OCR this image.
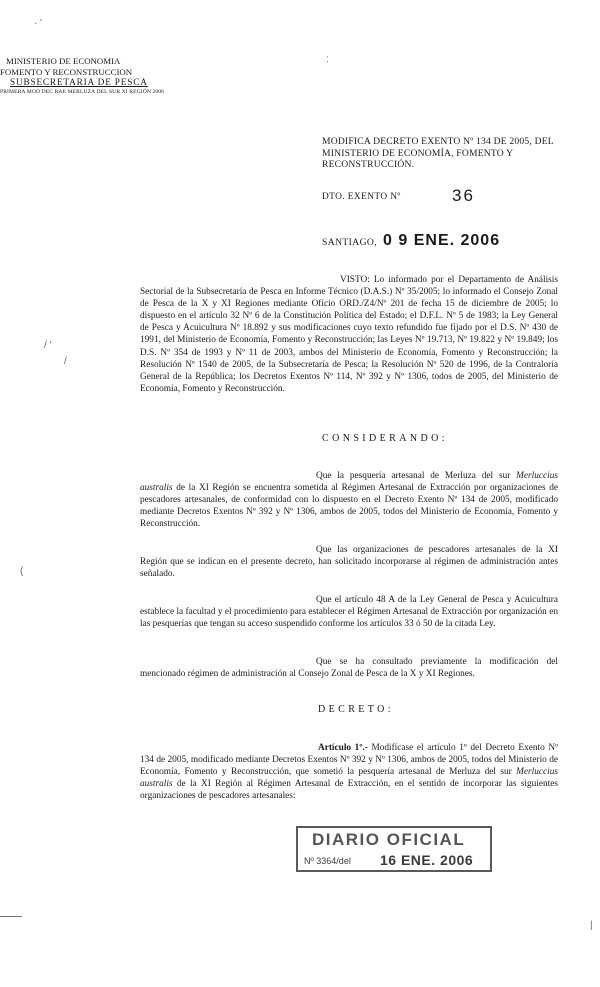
MINISTERIO DE ECONOMIA
FOMENTO Y RECONSTRUCCION
SUBSECRETARIA DE PESCA
PRIMERA MOD DEC RAE MERLUZA DEL SUR XI REGIÓN 2006
· '
:
/ '
/
(
|
MODIFICA DECRETO EXENTO Nº 134 DE 2005, DEL MINISTERIO DE ECONOMÍA, FOMENTO Y RECONSTRUCCIÓN.
DTO. EXENTO Nº	36
SANTIAGO, 0 9 ENE. 2006
VISTO: Lo informado por el Departamento de Análisis Sectorial de la Subsecretaría de Pesca en Informe Técnico (D.A.S.) Nº 35/2005; lo informado el Consejo Zonal de Pesca de la X y XI Regiones mediante Oficio ORD./Z4/Nº 201 de fecha 15 de diciembre de 2005; lo dispuesto en el artículo 32 Nº 6 de la Constitución Política del Estado; el D.F.L. Nº 5 de 1983; la Ley General de Pesca y Acuicultura Nº 18.892 y sus modificaciones cuyo texto refundido fue fijado por el D.S. Nº 430 de 1991, del Ministerio de Economía, Fomento y Reconstrucción; las Leyes Nº 19.713, Nº 19.822 y Nº 19.849; los D.S. Nº 354 de 1993 y Nº 11 de 2003, ambos del Ministerio de Economía, Fomento y Reconstrucción; la Resolución Nº 1540 de 2005, de la Subsecretaría de Pesca; la Resolución Nº 520 de 1996, de la Contraloría General de la República; los Decretos Exentos Nº 114, Nº 392 y Nº 1306, todos de 2005, del Ministerio de Economía, Fomento y Reconstrucción.
CONSIDERANDO:
Que la pesquería artesanal de Merluza del sur Merluccius australis de la XI Región se encuentra sometida al Régimen Artesanal de Extracción por organizaciones de pescadores artesanales, de conformidad con lo dispuesto en el Decreto Exento Nº 134 de 2005, modificado mediante Decretos Exentos Nº 392 y Nº 1306, ambos de 2005, todos del Ministerio de Economía, Fomento y Reconstrucción.
Que las organizaciones de pescadores artesanales de la XI Región que se indican en el presente decreto, han solicitado incorporarse al régimen de administración antes señalado.
Que el artículo 48 A de la Ley General de Pesca y Acuicultura establece la facultad y el procedimiento para establecer el Régimen Artesanal de Extracción por organización en las pesquerías que tengan su acceso suspendido conforme los artículos 33 ó 50 de la citada Ley.
Que se ha consultado previamente la modificación del mencionado régimen de administración al Consejo Zonal de Pesca de la X y XI Regiones.
DECRETO:
Artículo 1º.- Modifícase el artículo 1º del Decreto Exento Nº 134 de 2005, modificado mediante Decretos Exentos Nº 392 y Nº 1306, ambos de 2005, todos del Ministerio de Economía, Fomento y Reconstrucción, que sometió la pesquería artesanal de Merluza del sur Merluccius australis de la XI Región al Régimen Artesanal de Extracción, en el sentido de incorporar las siguientes organizaciones de pescadores artesanales:
DIARIO OFICIAL
Nº 3364/del 16 ENE. 2006
